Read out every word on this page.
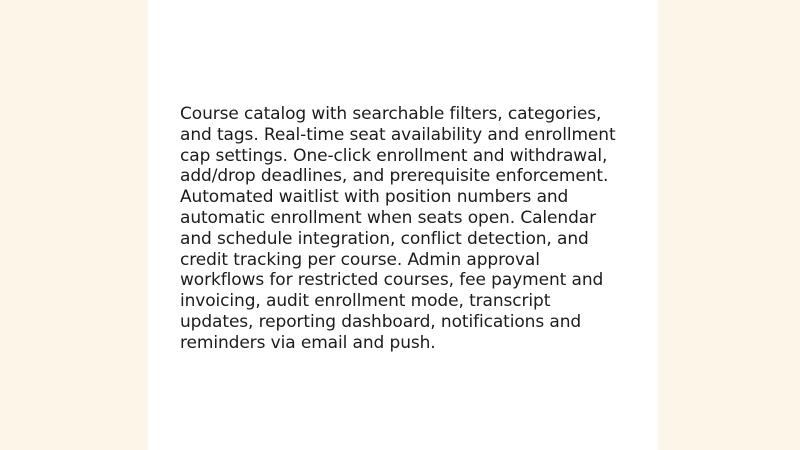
Course catalog with searchable filters, categories, and tags. Real-time seat availability and enrollment cap settings. One-click enrollment and withdrawal, add/drop deadlines, and prerequisite enforcement. Automated waitlist with position numbers and automatic enrollment when seats open. Calendar and schedule integration, conflict detection, and credit tracking per course. Admin approval workflows for restricted courses, fee payment and invoicing, audit enrollment mode, transcript updates, reporting dashboard, notifications and reminders via email and push.
